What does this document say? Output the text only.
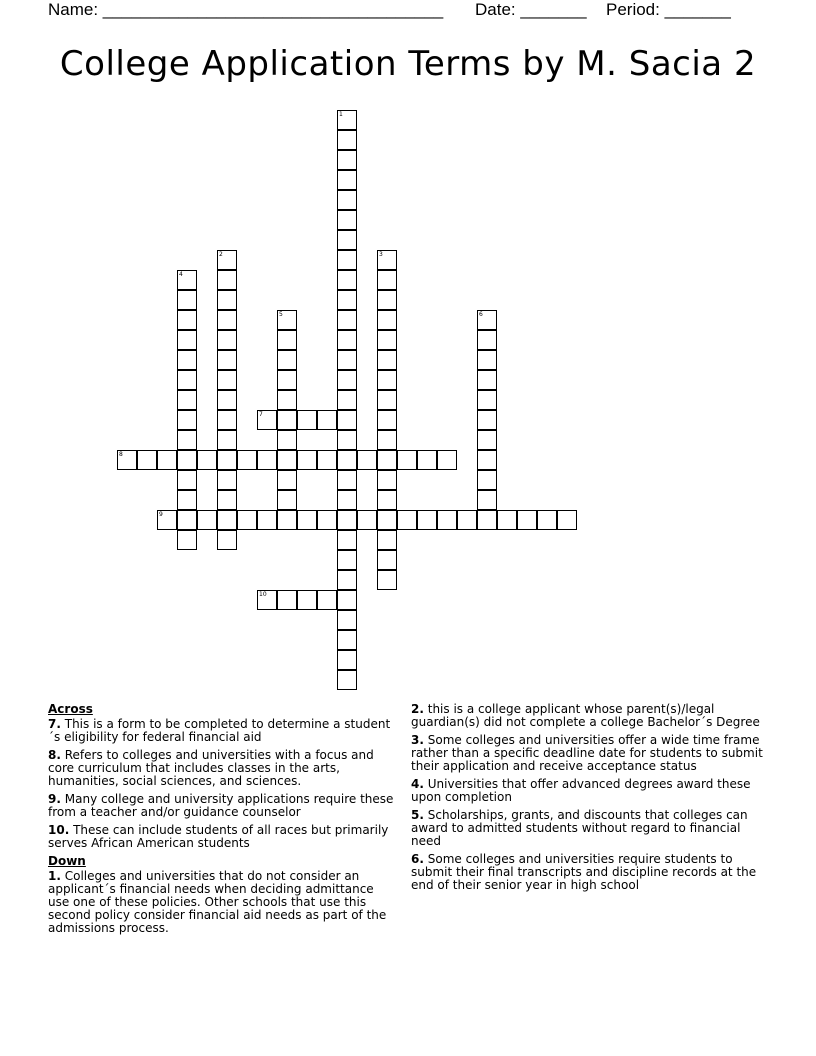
Name: ____________________________________ Date: _______ Period: _______
College Application Terms by M. Sacia 2
1
2	3
4
5	6
7
8
9
10
Across
7. This is a form to be completed to determine a student´s eligibility for federal financial aid
8. Refers to colleges and universities with a focus and core curriculum that includes classes in the arts, humanities, social sciences, and sciences.
9. Many college and university applications require these from a teacher and/or guidance counselor
10. These can include students of all races but primarily serves African American students
Down
1. Colleges and universities that do not consider an applicant´s financial needs when deciding admittance use one of these policies. Other schools that use this second policy consider financial aid needs as part of the admissions process.
2. this is a college applicant whose parent(s)/legal guardian(s) did not complete a college Bachelor´s Degree
3. Some colleges and universities offer a wide time frame rather than a specific deadline date for students to submit their application and receive acceptance status
4. Universities that offer advanced degrees award these upon completion
5. Scholarships, grants, and discounts that colleges can award to admitted students without regard to financial need
6. Some colleges and universities require students to submit their final transcripts and discipline records at the end of their senior year in high school
